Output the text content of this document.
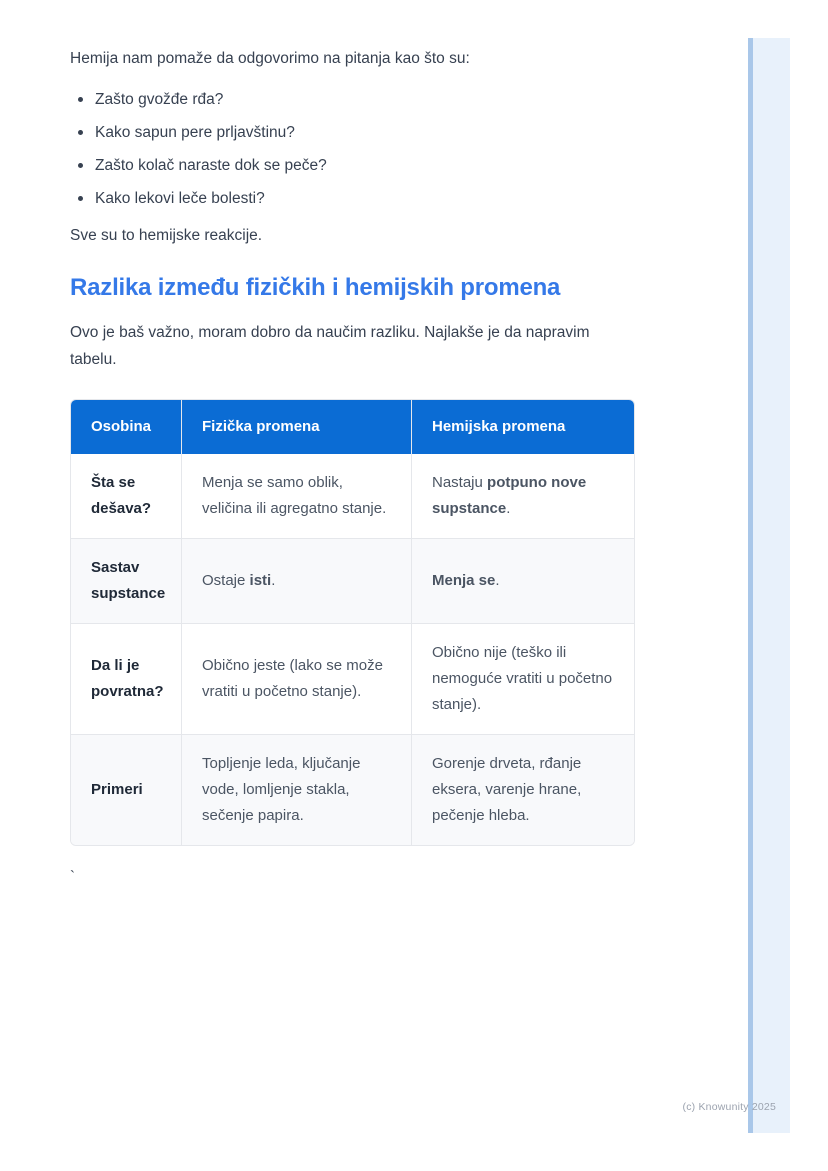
Hemija nam pomaže da odgovorimo na pitanja kao što su:

Zašto gvožđe rđa?
Kako sapun pere prljavštinu?
Zašto kolač naraste dok se peče?
Kako lekovi leče bolesti?

Sve su to hemijske reakcije.

Razlika između fizičkih i hemijskih promena

Ovo je baš važno, moram dobro da naučim razliku. Najlakše je da napravim tabelu.

Osobina	Fizička promena	Hemijska promena
Šta se dešava?	Menja se samo oblik, veličina ili agregatno stanje.	Nastaju potpuno nove supstance.
Sastav supstance	Ostaje isti.	Menja se.
Da li je povratna?	Obično jeste (lako se može vratiti u početno stanje).	Obično nije (teško ili nemoguće vratiti u početno stanje).
Primeri	Topljenje leda, ključanje vode, lomljenje stakla, sečenje papira.	Gorenje drveta, rđanje eksera, varenje hrane, pečenje hleba.
`
(c) Knowunity 2025
